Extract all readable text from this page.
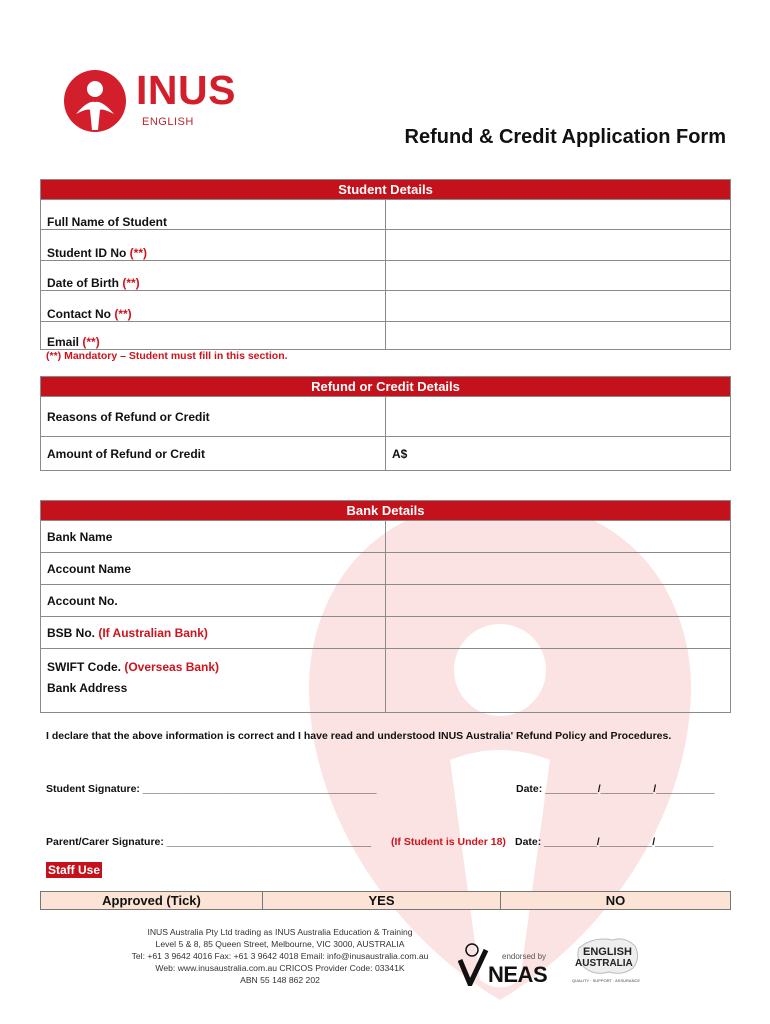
INUS
ENGLISH
Refund & Credit Application Form
Student Details	
Full Name of Student	
Student ID No (**)	
Date of Birth (**)	
Contact No (**)	
Email (**)	
(**) Mandatory – Student must fill in this section.
Refund or Credit Details	
Reasons of Refund or Credit	
Amount of Refund or Credit	A$
Bank Details	
Bank Name	
Account Name	
Account No.	
BSB No. (If Australian Bank)	
SWIFT Code. (Overseas Bank)
Bank Address	
I declare that the above information is correct and I have read and understood INUS Australia' Refund Policy and Procedures.
Student Signature: ________________________________________	Date: _________/_________/__________
Parent/Carer Signature: ___________________________________ (If Student is Under 18) Date: _________/_________/__________
Staff Use
Approved (Tick)	YES	NO
INUS Australia Pty Ltd trading as INUS Australia Education & Training
Level 5 & 8, 85 Queen Street, Melbourne, VIC 3000, AUSTRALIA
Tel: +61 3 9642 4016 Fax: +61 3 9642 4018 Email: info@inusaustralia.com.au
Web: www.inusaustralia.com.au CRICOS Provider Code: 03341K
ABN 55 148 862 202
endorsed by
NEAS
ENGLISH
AUSTRALIA
QUALITY · SUPPORT · ASSURANCE
